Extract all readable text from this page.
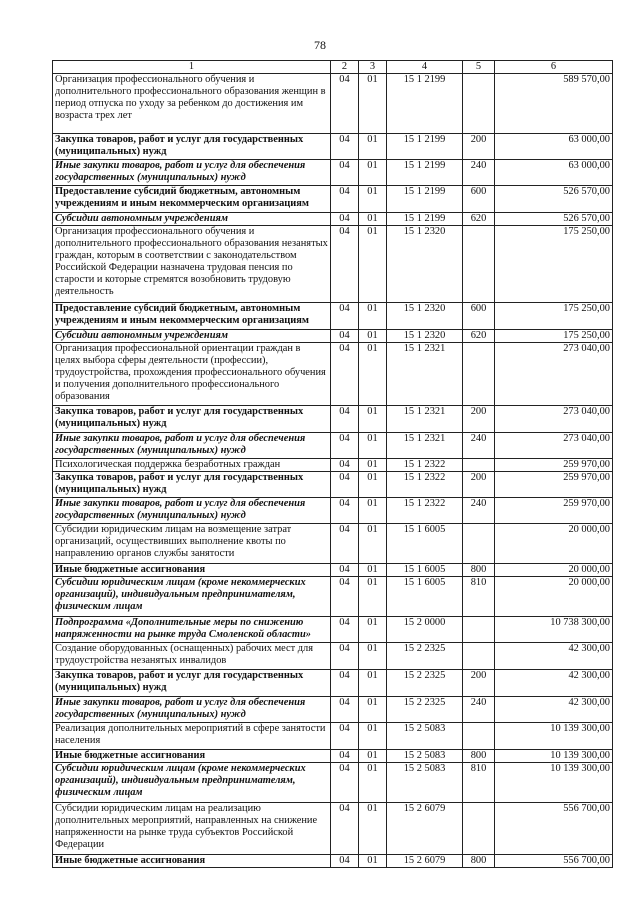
78
1	2	3	4	5	6
Организация профессионального обучения и дополнительного профессионального образования женщин в период отпуска по уходу за ребенком до достижения им возраста трех лет	04	01	15 1 2199		589 570,00
Закупка товаров, работ и услуг для государственных (муниципальных) нужд	04	01	15 1 2199	200	63 000,00
Иные закупки товаров, работ и услуг для обеспечения государственных (муниципальных) нужд	04	01	15 1 2199	240	63 000,00
Предоставление субсидий бюджетным, автономным учреждениям и иным некоммерческим организациям	04	01	15 1 2199	600	526 570,00
Субсидии автономным учреждениям	04	01	15 1 2199	620	526 570,00
Организация профессионального обучения и дополнительного профессионального образования незанятых граждан, которым в соответствии с законодательством Российской Федерации назначена трудовая пенсия по старости и которые стремятся возобновить трудовую деятельность	04	01	15 1 2320		175 250,00
Предоставление субсидий бюджетным, автономным учреждениям и иным некоммерческим организациям	04	01	15 1 2320	600	175 250,00
Субсидии автономным учреждениям	04	01	15 1 2320	620	175 250,00
Организация профессиональной ориентации граждан в целях выбора сферы деятельности (профессии), трудоустройства, прохождения профессионального обучения и получения дополнительного профессионального образования	04	01	15 1 2321		273 040,00
Закупка товаров, работ и услуг для государственных (муниципальных) нужд	04	01	15 1 2321	200	273 040,00
Иные закупки товаров, работ и услуг для обеспечения государственных (муниципальных) нужд	04	01	15 1 2321	240	273 040,00
Психологическая поддержка безработных граждан	04	01	15 1 2322		259 970,00
Закупка товаров, работ и услуг для государственных (муниципальных) нужд	04	01	15 1 2322	200	259 970,00
Иные закупки товаров, работ и услуг для обеспечения государственных (муниципальных) нужд	04	01	15 1 2322	240	259 970,00
Субсидии юридическим лицам на возмещение затрат организаций, осуществивших выполнение квоты по направлению органов службы занятости	04	01	15 1 6005		20 000,00
Иные бюджетные ассигнования	04	01	15 1 6005	800	20 000,00
Субсидии юридическим лицам (кроме некоммерческих организаций), индивидуальным предпринимателям, физическим лицам	04	01	15 1 6005	810	20 000,00
Подпрограмма «Дополнительные меры по снижению напряженности на рынке труда Смоленской области»	04	01	15 2 0000		10 738 300,00
Создание оборудованных (оснащенных) рабочих мест для трудоустройства незанятых инвалидов	04	01	15 2 2325		42 300,00
Закупка товаров, работ и услуг для государственных (муниципальных) нужд	04	01	15 2 2325	200	42 300,00
Иные закупки товаров, работ и услуг для обеспечения государственных (муниципальных) нужд	04	01	15 2 2325	240	42 300,00
Реализация дополнительных мероприятий в сфере занятости населения	04	01	15 2 5083		10 139 300,00
Иные бюджетные ассигнования	04	01	15 2 5083	800	10 139 300,00
Субсидии юридическим лицам (кроме некоммерческих организаций), индивидуальным предпринимателям, физическим лицам	04	01	15 2 5083	810	10 139 300,00
Субсидии юридическим лицам на реализацию дополнительных мероприятий, направленных на снижение напряженности на рынке труда субъектов Российской Федерации	04	01	15 2 6079		556 700,00
Иные бюджетные ассигнования	04	01	15 2 6079	800	556 700,00
